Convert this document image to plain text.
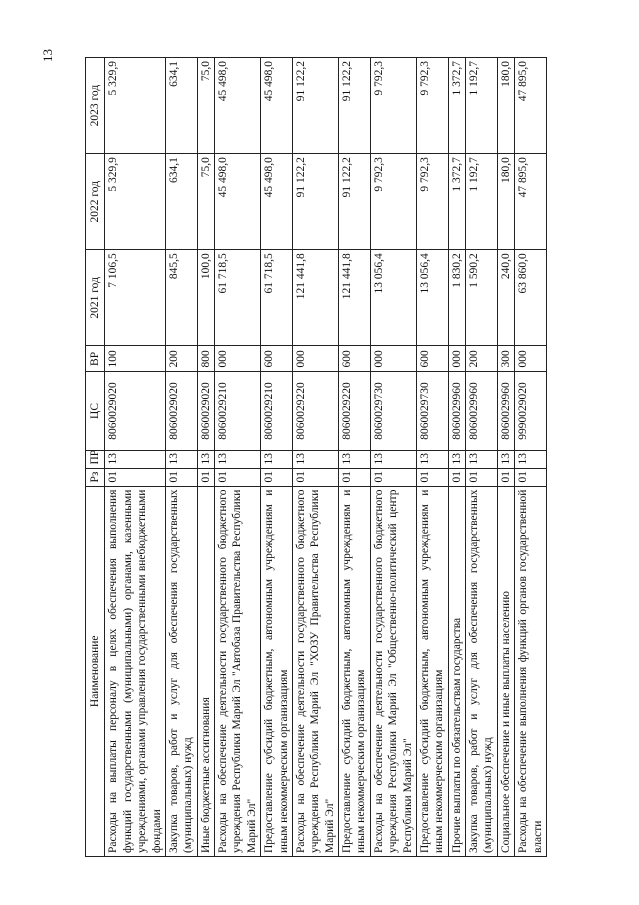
13
Наименование	Рз	ПР	ЦС	ВР	2021 год	2022 год	2023 год
Расходы на выплаты персоналу в целях обеспечения выполнения функций государственными (муниципальными) органами, казенными учреждениями, органами управления государственными внебюджетными фондами	01	13	8060029020	100	7 106,5	5 329,9	5 329,9
Закупка товаров, работ и услуг для обеспечения государственных (муниципальных) нужд	01	13	8060029020	200	845,5	634,1	634,1
Иные бюджетные ассигнования	01	13	8060029020	800	100,0	75,0	75,0
Расходы на обеспечение деятельности государственного бюджетного учреждения Республики Марий Эл "Автобаза Правительства Республики Марий Эл"	01	13	8060029210	000	61 718,5	45 498,0	45 498,0
Предоставление субсидий бюджетным, автономным учреждениям и иным некоммерческим организациям	01	13	8060029210	600	61 718,5	45 498,0	45 498,0
Расходы на обеспечение деятельности государственного бюджетного учреждения Республики Марий Эл "ХОЗУ Правительства Республики Марий Эл"	01	13	8060029220	000	121 441,8	91 122,2	91 122,2
Предоставление субсидий бюджетным, автономным учреждениям и иным некоммерческим организациям	01	13	8060029220	600	121 441,8	91 122,2	91 122,2
Расходы на обеспечение деятельности государственного бюджетного учреждения Республики Марий Эл "Общественно-политический центр Республики Марий Эл"	01	13	8060029730	000	13 056,4	9 792,3	9 792,3
Предоставление субсидий бюджетным, автономным учреждениям и иным некоммерческим организациям	01	13	8060029730	600	13 056,4	9 792,3	9 792,3
Прочие выплаты по обязательствам государства	01	13	8060029960	000	1 830,2	1 372,7	1 372,7
Закупка товаров, работ и услуг для обеспечения государственных (муниципальных) нужд	01	13	8060029960	200	1 590,2	1 192,7	1 192,7
Социальное обеспечение и иные выплаты населению	01	13	8060029960	300	240,0	180,0	180,0
Расходы на обеспечение выполнения функций органов государственной власти	01	13	9990029020	000	63 860,0	47 895,0	47 895,0
